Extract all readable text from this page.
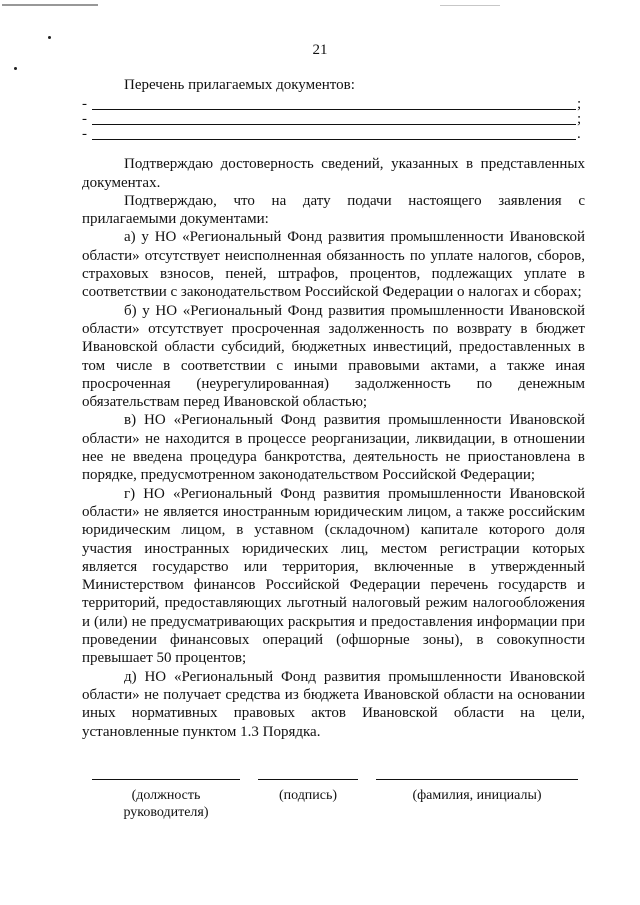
21
Перечень прилагаемых документов:
-	;
-	;
-	.

Подтверждаю достоверность сведений, указанных в представленных документах.

Подтверждаю, что на дату подачи настоящего заявления с прилагаемыми документами:

а) у НО «Региональный Фонд развития промышленности Ивановской области» отсутствует неисполненная обязанность по уплате налогов, сборов, страховых взносов, пеней, штрафов, процентов, подлежащих уплате в соответствии с законодательством Российской Федерации о налогах и сборах;

б) у НО «Региональный Фонд развития промышленности Ивановской области» отсутствует просроченная задолженность по возврату в бюджет Ивановской области субсидий, бюджетных инвестиций, предоставленных в том числе в соответствии с иными правовыми актами, а также иная просроченная (неурегулированная) задолженность по денежным обязательствам перед Ивановской областью;

в) НО «Региональный Фонд развития промышленности Ивановской области» не находится в процессе реорганизации, ликвидации, в отношении нее не введена процедура банкротства, деятельность не приостановлена в порядке, предусмотренном законодательством Российской Федерации;

г) НО «Региональный Фонд развития промышленности Ивановской области» не является иностранным юридическим лицом, а также российским юридическим лицом, в уставном (складочном) капитале которого доля участия иностранных юридических лиц, местом регистрации которых является государство или территория, включенные в утвержденный Министерством финансов Российской Федерации перечень государств и территорий, предоставляющих льготный налоговый режим налогообложения и (или) не предусматривающих раскрытия и предоставления информации при проведении финансовых операций (офшорные зоны), в совокупности превышает 50 процентов;

д) НО «Региональный Фонд развития промышленности Ивановской области» не получает средства из бюджета Ивановской области на основании иных нормативных правовых актов Ивановской области на цели, установленные пунктом 1.3 Порядка.

(должность руководителя)
(подпись)	(фамилия, инициалы)
